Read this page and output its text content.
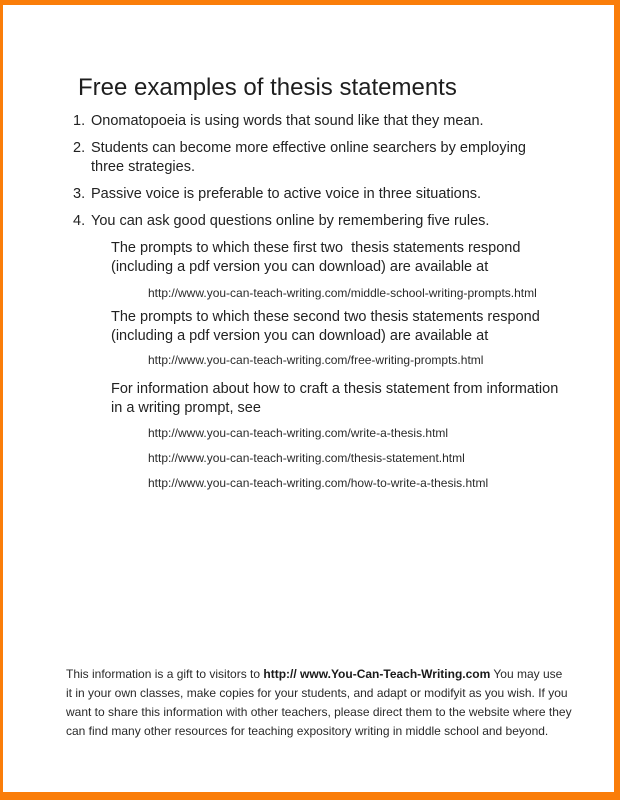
Free examples of thesis statements
1. Onomatopoeia is using words that sound like that they mean.
2. Students can become more effective online searchers by employing
three strategies.
3. Passive voice is preferable to active voice in three situations.
4. You can ask good questions online by remembering five rules.
The prompts to which these first two  thesis statements respond
(including a pdf version you can download) are available at
http://www.you-can-teach-writing.com/middle-school-writing-prompts.html
The prompts to which these second two thesis statements respond
(including a pdf version you can download) are available at
http://www.you-can-teach-writing.com/free-writing-prompts.html
For information about how to craft a thesis statement from information
in a writing prompt, see
http://www.you-can-teach-writing.com/write-a-thesis.html
http://www.you-can-teach-writing.com/thesis-statement.html
http://www.you-can-teach-writing.com/how-to-write-a-thesis.html
This information is a gift to visitors to http:// www.You-Can-Teach-Writing.com You may use
it in your own classes, make copies for your students, and adapt or modifyit as you wish. If you
want to share this information with other teachers, please direct them to the website where they
can find many other resources for teaching expository writing in middle school and beyond.
